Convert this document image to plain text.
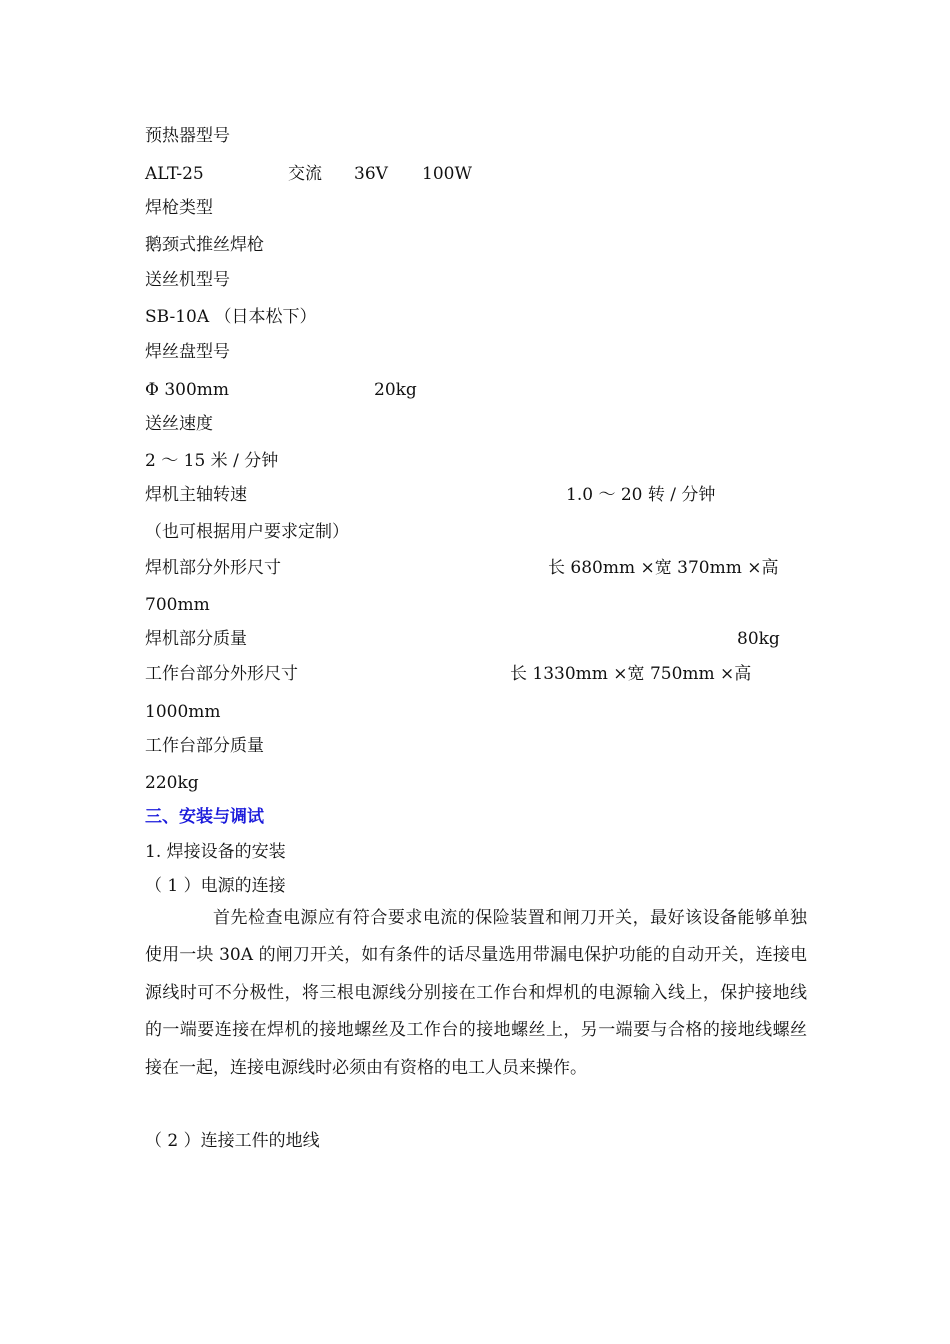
预热器型号
ALT-25	交流 36V 100W
焊枪类型
鹅颈式推丝焊枪
送丝机型号
SB-10A （日本松下）
焊丝盘型号
Φ 300mm	20kg
送丝速度
2 ～ 15 米 / 分钟
焊机主轴转速	1.0 ～ 20 转 / 分钟
（也可根据用户要求定制）
焊机部分外形尺寸	长 680mm ×宽 370mm ×高
700mm
焊机部分质量	80kg
工作台部分外形尺寸	长 1330mm ×宽 750mm ×高
1000mm
工作台部分质量
220kg
三、安装与调试
1. 焊接设备的安装
（ 1 ）电源的连接
首先检查电源应有符合要求电流的保险装置和闸刀开关，最好该设备能够单独使用一块 30A 的闸刀开关，如有条件的话尽量选用带漏电保护功能的自动开关，连接电源线时可不分极性，将三根电源线分别接在工作台和焊机的电源输入线上，保护接地线的一端要连接在焊机的接地螺丝及工作台的接地螺丝上，另一端要与合格的接地线螺丝接在一起，连接电源线时必须由有资格的电工人员来操作。
（ 2 ）连接工件的地线
